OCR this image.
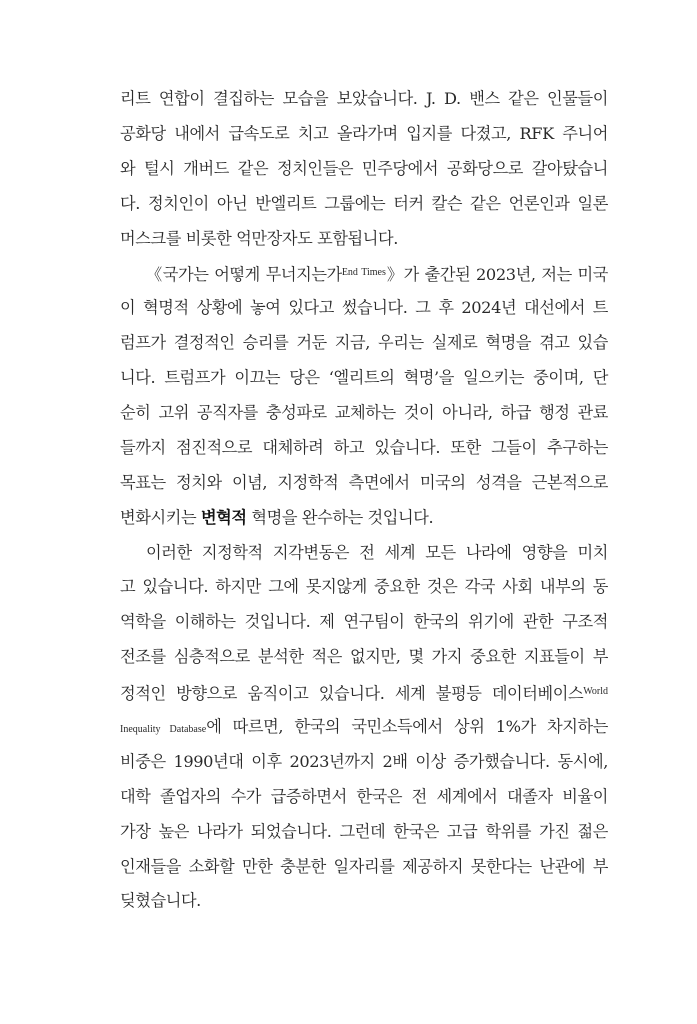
리트 연합이 결집하는 모습을 보았습니다. J. D. 밴스 같은 인물들이
공화당 내에서 급속도로 치고 올라가며 입지를 다졌고, RFK 주니어
와 털시 개버드 같은 정치인들은 민주당에서 공화당으로 갈아탔습니
다. 정치인이 아닌 반엘리트 그룹에는 터커 칼슨 같은 언론인과 일론
머스크를 비롯한 억만장자도 포함됩니다.
《국가는 어떻게 무너지는가$^{End Times}$》가 출간된 2023년, 저는 미국
이 혁명적 상황에 놓여 있다고 썼습니다. 그 후 2024년 대선에서 트
럼프가 결정적인 승리를 거둔 지금, 우리는 실제로 혁명을 겪고 있습
니다. 트럼프가 이끄는 당은 ‘엘리트의 혁명’을 일으키는 중이며, 단
순히 고위 공직자를 충성파로 교체하는 것이 아니라, 하급 행정 관료
들까지 점진적으로 대체하려 하고 있습니다. 또한 그들이 추구하는
목표는 정치와 이념, 지정학적 측면에서 미국의 성격을 근본적으로
변화시키는 변혁적 혁명을 완수하는 것입니다.
이러한 지정학적 지각변동은 전 세계 모든 나라에 영향을 미치
고 있습니다. 하지만 그에 못지않게 중요한 것은 각국 사회 내부의 동
역학을 이해하는 것입니다. 제 연구팀이 한국의 위기에 관한 구조적
전조를 심층적으로 분석한 적은 없지만, 몇 가지 중요한 지표들이 부
정적인 방향으로 움직이고 있습니다. 세계 불평등 데이터베이스$^{World}$
Inequality Database에 따르면, 한국의 국민소득에서 상위 1%가 차지하는
비중은 1990년대 이후 2023년까지 2배 이상 증가했습니다. 동시에,
대학 졸업자의 수가 급증하면서 한국은 전 세계에서 대졸자 비율이
가장 높은 나라가 되었습니다. 그런데 한국은 고급 학위를 가진 젊은
인재들을 소화할 만한 충분한 일자리를 제공하지 못한다는 난관에 부
딪혔습니다.
